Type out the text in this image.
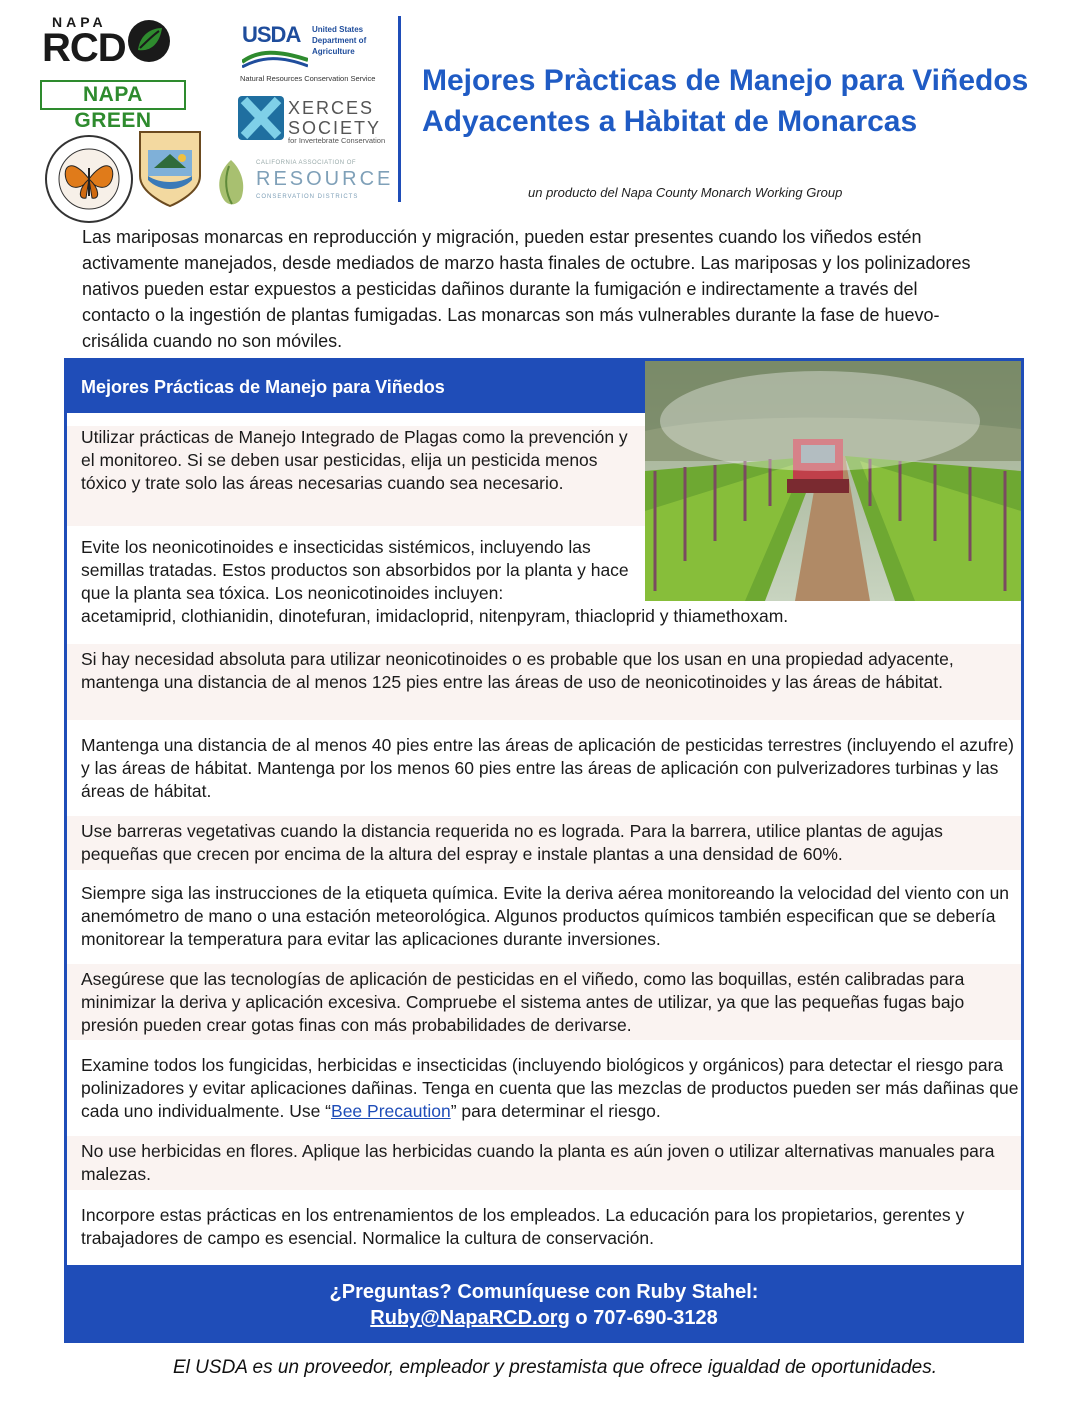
NAPA
RCD
NAPA GREEN
USDA United States Department of Agriculture
Natural Resources Conservation Service
XERCES SOCIETY
for Invertebrate Conservation
CALIFORNIA ASSOCIATION OF
RESOURCE
CONSERVATION DISTRICTS
Mejores Pràcticas de Manejo para Viñedos Adyacentes a Hàbitat de Monarcas
un producto del Napa County Monarch Working Group
Las mariposas monarcas en reproducción y migración, pueden estar presentes cuando los viñedos estén activamente manejados, desde mediados de marzo hasta finales de octubre. Las mariposas y los polinizadores nativos pueden estar expuestos a pesticidas dañinos durante la fumigación e indirectamente a través del contacto o la ingestión de plantas fumigadas. Las monarcas son más vulnerables durante la fase de huevo-crisálida cuando no son móviles.
Mejores Prácticas de Manejo para Viñedos
Utilizar prácticas de Manejo Integrado de Plagas como la prevención y el monitoreo. Si se deben usar pesticidas, elija un pesticida menos tóxico y trate solo las áreas necesarias cuando sea necesario.
Evite los neonicotinoides e insecticidas sistémicos, incluyendo las semillas tratadas. Estos productos son absorbidos por la planta y hace que la planta sea tóxica. Los neonicotinoides incluyen:
acetamiprid, clothianidin, dinotefuran, imidacloprid, nitenpyram, thiacloprid y thiamethoxam.
Si hay necesidad absoluta para utilizar neonicotinoides o es probable que los usan en una propiedad adyacente, mantenga una distancia de al menos 125 pies entre las áreas de uso de neonicotinoides y las áreas de hábitat.
Mantenga una distancia de al menos 40 pies entre las áreas de aplicación de pesticidas terrestres (incluyendo el azufre) y las áreas de hábitat. Mantenga por los menos 60 pies entre las áreas de aplicación con pulverizadores turbinas y las áreas de hábitat.
Use barreras vegetativas cuando la distancia requerida no es lograda. Para la barrera, utilice plantas de agujas pequeñas que crecen por encima de la altura del espray e instale plantas a una densidad de 60%.
Siempre siga las instrucciones de la etiqueta química. Evite la deriva aérea monitoreando la velocidad del viento con un anemómetro de mano o una estación meteorológica. Algunos productos químicos también especifican que se debería monitorear la temperatura para evitar las aplicaciones durante inversiones.
Asegúrese que las tecnologías de aplicación de pesticidas en el viñedo, como las boquillas, estén calibradas para minimizar la deriva y aplicación excesiva. Compruebe el sistema antes de utilizar, ya que las pequeñas fugas bajo presión pueden crear gotas finas con más probabilidades de derivarse.
Examine todos los fungicidas, herbicidas e insecticidas (incluyendo biológicos y orgánicos) para detectar el riesgo para polinizadores y evitar aplicaciones dañinas. Tenga en cuenta que las mezclas de productos pueden ser más dañinas que cada uno individualmente. Use “Bee Precaution” para determinar el riesgo.
No use herbicidas en flores. Aplique las herbicidas cuando la planta es aún joven o utilizar alternativas manuales para malezas.
Incorpore estas prácticas en los entrenamientos de los empleados. La educación para los propietarios, gerentes y trabajadores de campo es esencial. Normalice la cultura de conservación.
¿Preguntas? Comuníquese con Ruby Stahel:
Ruby@NapaRCD.org o 707-690-3128
El USDA es un proveedor, empleador y prestamista que ofrece igualdad de oportunidades.
